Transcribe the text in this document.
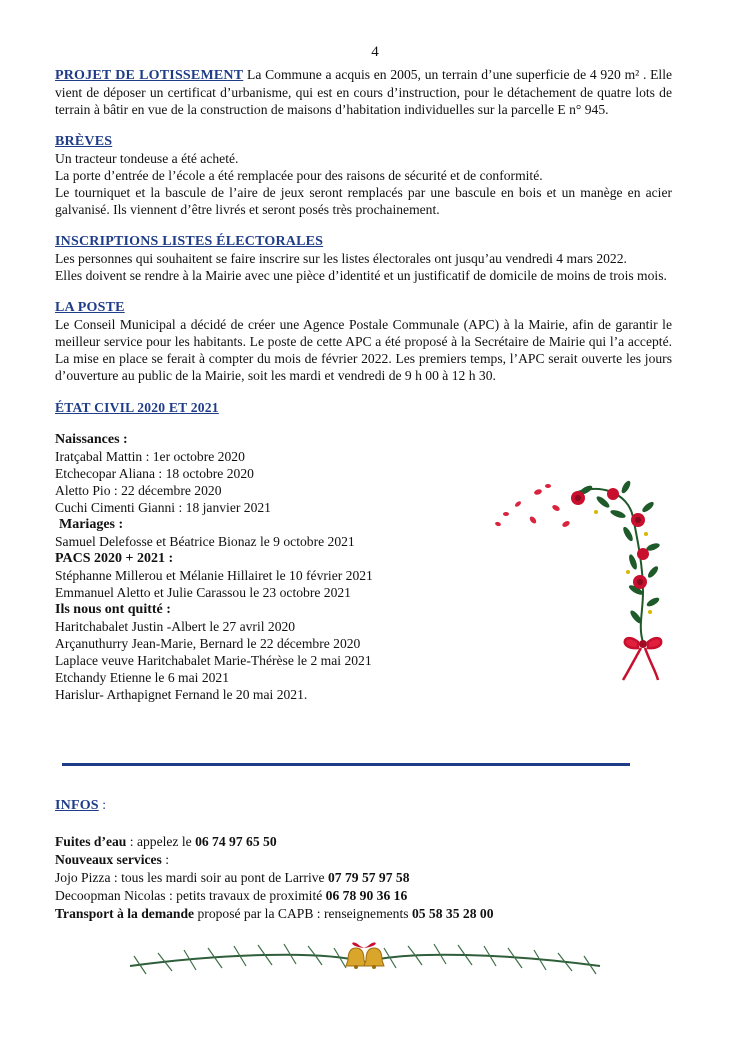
4
PROJET DE LOTISSEMENT La Commune a acquis en 2005, un terrain d’une superficie de 4 920 m² . Elle vient de déposer un certificat d’urbanisme, qui est en cours d’instruction, pour le détachement de quatre lots de terrain à bâtir en vue de la construction de maisons d’habitation individuelles sur la parcelle E n° 945.
BRÈVES
Un tracteur tondeuse a été acheté.
La porte d’entrée de l’école a été remplacée pour des raisons de sécurité et de conformité.
Le tourniquet et la bascule de l’aire de jeux seront remplacés par une bascule en bois et un manège en acier galvanisé. Ils viennent d’être livrés et seront posés très prochainement.
INSCRIPTIONS LISTES ÉLECTORALES
Les personnes qui souhaitent se faire inscrire sur les listes électorales ont jusqu’au vendredi 4 mars 2022.
Elles doivent se rendre à la Mairie avec une pièce d’identité et un justificatif de domicile de moins de trois mois.
LA POSTE
Le Conseil Municipal a décidé de créer une Agence Postale Communale (APC) à la Mairie, afin de garantir le meilleur service pour les habitants. Le poste de cette APC a été proposé à la Secrétaire de Mairie qui l’a accepté. La mise en place se ferait à compter du mois de février 2022. Les premiers temps, l’APC serait ouverte les jours d’ouverture au public de la Mairie, soit les mardi et vendredi de 9 h 00 à 12 h 30.
ÉTAT CIVIL 2020 ET 2021
Naissances :
Iratçabal Mattin : 1er octobre 2020
Etchecopar Aliana : 18 octobre 2020
Aletto Pio : 22 décembre 2020
Cuchi Cimenti Gianni : 18 janvier 2021
Mariages :
Samuel Delefosse et Béatrice Bionaz le 9 octobre 2021
PACS 2020 + 2021 :
Stéphanne Millerou et Mélanie Hillairet le 10 février 2021
Emmanuel Aletto et Julie Carassou le 23 octobre 2021
Ils nous ont quitté :
Haritchabalet Justin -Albert le 27 avril 2020
Arçanuthurry Jean-Marie, Bernard le 22 décembre 2020
Laplace veuve Haritchabalet Marie-Thérèse le 2 mai 2021
Etchandy Etienne le 6 mai 2021
Harislur- Arthapignet Fernand le 20 mai 2021.
INFOS :
Fuites d’eau : appelez le 06 74 97 65 50
Nouveaux services :
Jojo Pizza : tous les mardi soir au pont de Larrive 07 79 57 97 58
Decoopman Nicolas : petits travaux de proximité 06 78 90 36 16
Transport à la demande proposé par la CAPB : renseignements 05 58 35 28 00
